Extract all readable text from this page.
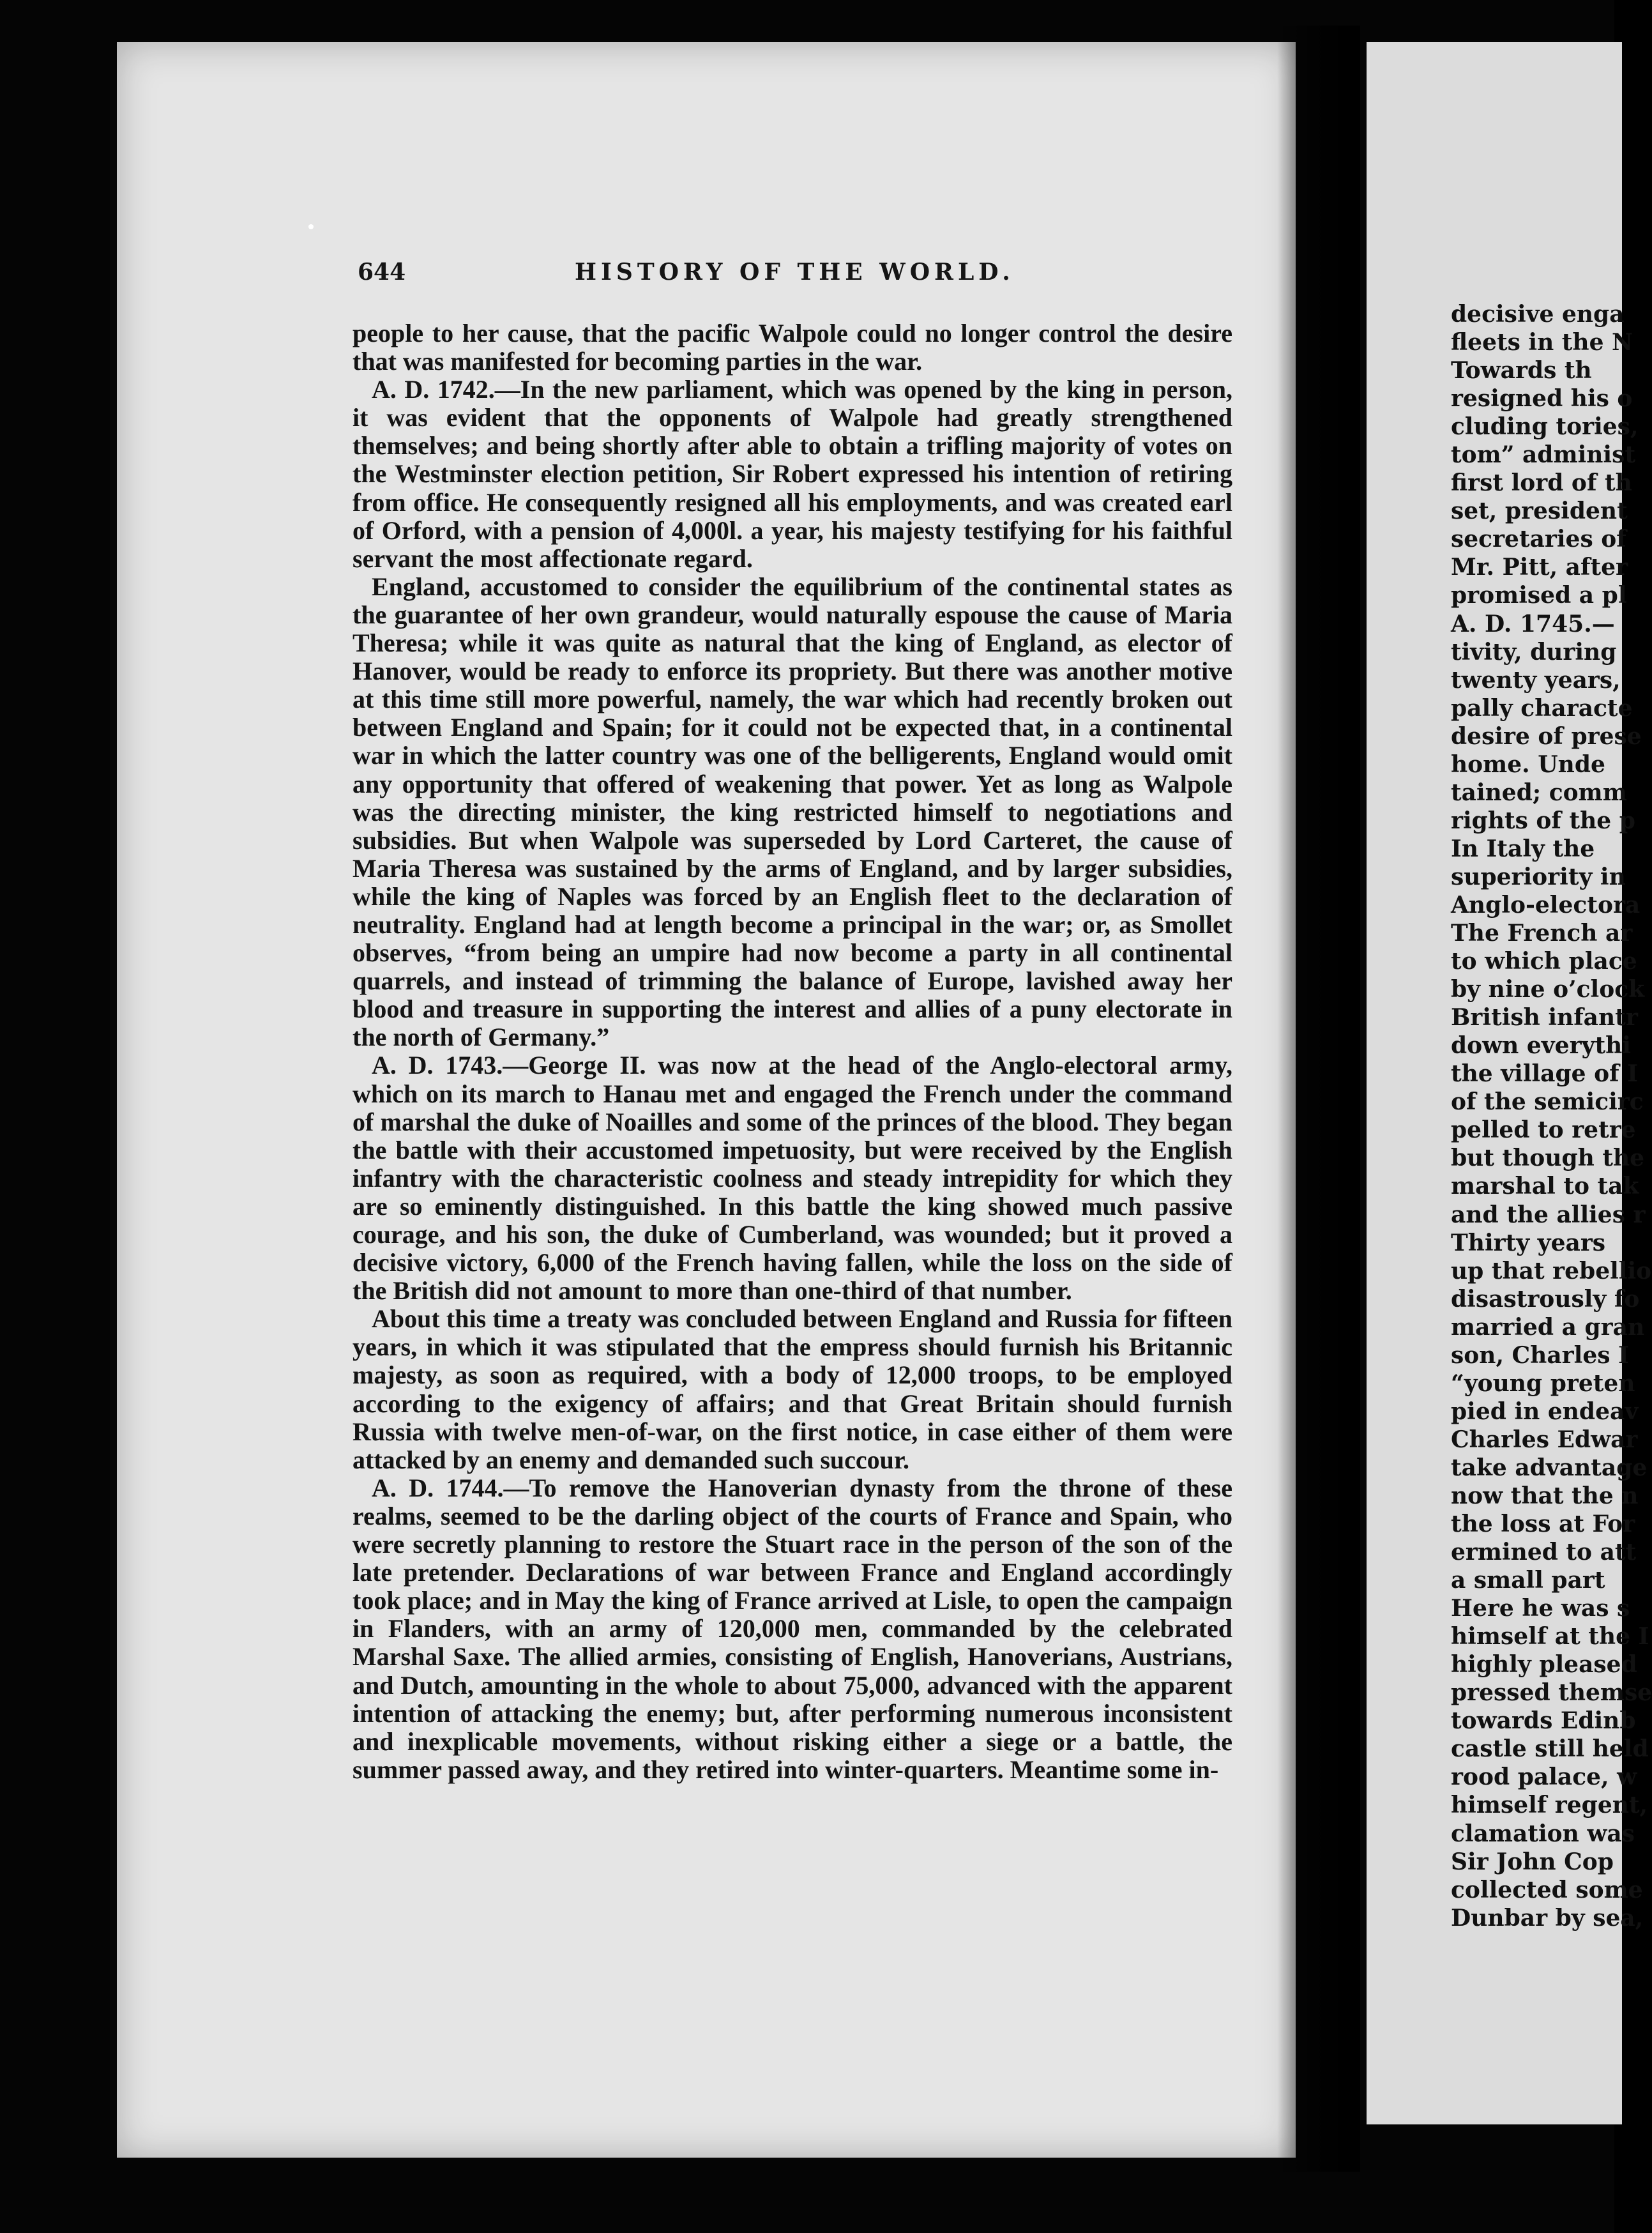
decisive enga
fleets in the N
Towards th
resigned his o
cluding tories,
tom” administ
first lord of th
set, president
secretaries of
Mr. Pitt, after
promised a pl
A. D. 1745.—
tivity, during
twenty years,
pally characte
desire of prese
home. Unde
tained; comm
rights of the p
In Italy the
superiority in
Anglo-electora
The French ar
to which place
by nine o’clock
British infantr
down everythi
the village of I
of the semicirc
pelled to retre
but though the
marshal to tak
and the allies r
Thirty years
up that rebellio
disastrously fo
married a gran
son, Charles I
“young preten
pied in endeav
Charles Edwar
take advantage
now that the n
the loss at For
ermined to att
a small part
Here he was s
himself at the I
highly pleased
pressed themse
towards Edinb
castle still held
rood palace, w
himself regent,
clamation was
Sir John Cop
collected some
Dunbar by sea,
644	HISTORY OF THE WORLD.

people to her cause, that the pacific Walpole could no longer control the desire that was manifested for becoming parties in the war.

A. D. 1742.—In the new parliament, which was opened by the king in person, it was evident that the opponents of Walpole had greatly strengthened themselves; and being shortly after able to obtain a trifling majority of votes on the Westminster election petition, Sir Robert expressed his intention of retiring from office. He consequently resigned all his employments, and was created earl of Orford, with a pension of 4,000l. a year, his majesty testifying for his faithful servant the most affectionate regard.

England, accustomed to consider the equilibrium of the continental states as the guarantee of her own grandeur, would naturally espouse the cause of Maria Theresa; while it was quite as natural that the king of England, as elector of Hanover, would be ready to enforce its propriety. But there was another motive at this time still more powerful, namely, the war which had recently broken out between England and Spain; for it could not be expected that, in a continental war in which the latter country was one of the belligerents, England would omit any opportunity that offered of weakening that power. Yet as long as Walpole was the directing minister, the king restricted himself to negotiations and subsidies. But when Walpole was superseded by Lord Carteret, the cause of Maria Theresa was sustained by the arms of England, and by larger subsidies, while the king of Naples was forced by an English fleet to the declaration of neutrality. England had at length become a principal in the war; or, as Smollet observes, “from being an umpire had now become a party in all continental quarrels, and instead of trimming the balance of Europe, lavished away her blood and treasure in supporting the interest and allies of a puny electorate in the north of Germany.”

A. D. 1743.—George II. was now at the head of the Anglo-electoral army, which on its march to Hanau met and engaged the French under the command of marshal the duke of Noailles and some of the princes of the blood. They began the battle with their accustomed impetuosity, but were received by the English infantry with the characteristic coolness and steady intrepidity for which they are so eminently distinguished. In this battle the king showed much passive courage, and his son, the duke of Cumberland, was wounded; but it proved a decisive victory, 6,000 of the French having fallen, while the loss on the side of the British did not amount to more than one-third of that number.

About this time a treaty was concluded between England and Russia for fifteen years, in which it was stipulated that the empress should furnish his Britannic majesty, as soon as required, with a body of 12,000 troops, to be employed according to the exigency of affairs; and that Great Britain should furnish Russia with twelve men-of-war, on the first notice, in case either of them were attacked by an enemy and demanded such succour.

A. D. 1744.—To remove the Hanoverian dynasty from the throne of these realms, seemed to be the darling object of the courts of France and Spain, who were secretly planning to restore the Stuart race in the person of the son of the late pretender. Declarations of war between France and England accordingly took place; and in May the king of France arrived at Lisle, to open the campaign in Flanders, with an army of 120,000 men, commanded by the celebrated Marshal Saxe. The allied armies, consisting of English, Hanoverians, Austrians, and Dutch, amounting in the whole to about 75,000, advanced with the apparent intention of attacking the enemy; but, after performing numerous inconsistent and inexplicable movements, without risking either a siege or a battle, the summer passed away, and they retired into winter-quarters. Meantime some in-
